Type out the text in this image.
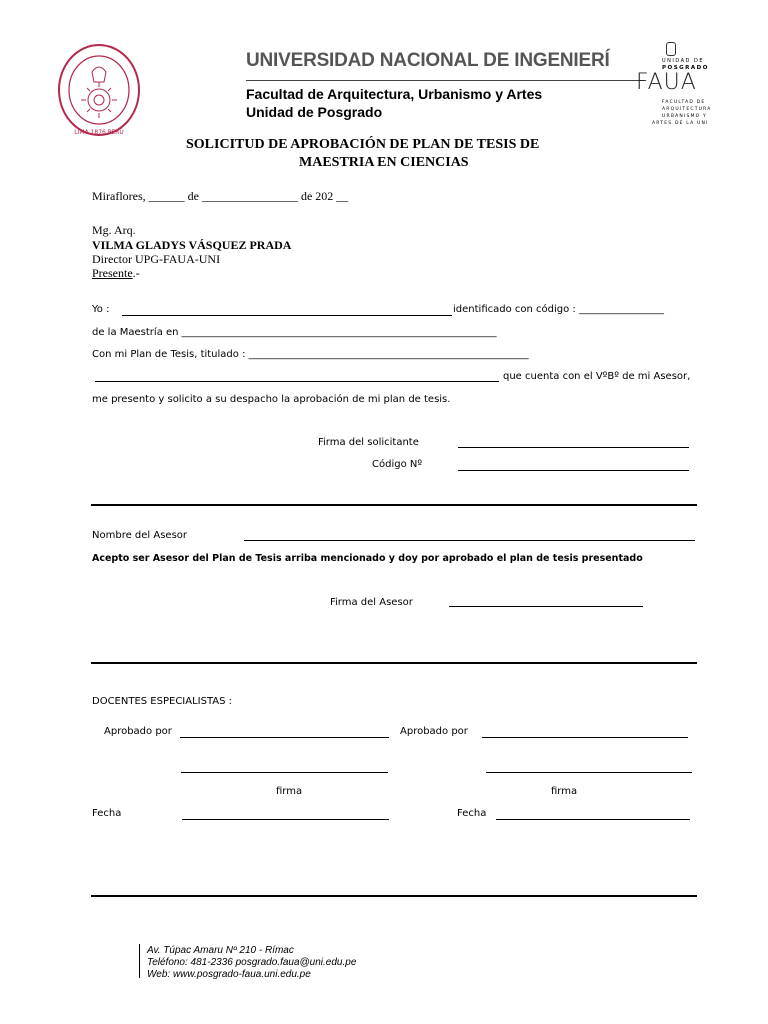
LIMA 1876 PERÚ
UNIVERSIDAD NACIONAL DE INGENIERÍ
Facultad de Arquitectura, Urbanismo y Artes
Unidad de Posgrado
UNIDAD DE
POSGRADO
FAUA
FACULTAD DE
ARQUITECTURA
URBANISMO Y
ARTES DE LA UNI
SOLICITUD DE APROBACIÓN DE PLAN DE TESIS DE
MAESTRIA EN CIENCIAS
Miraflores, ______ de ________________ de 202 __
Mg. Arq.
VILMA GLADYS VÁSQUEZ PRADA
Director UPG-FAUA-UNI
Presente.-
Yo :	identificado con código : _________________
de la Maestría en _______________________________________________________________
Con mi Plan de Tesis, titulado : ________________________________________________________
que cuenta con el VºBº de mi Asesor,
me presento y solicito a su despacho la aprobación de mi plan de tesis.
Firma del solicitante
Código Nº
Nombre del Asesor
Acepto ser Asesor del Plan de Tesis arriba mencionado y doy por aprobado el plan de tesis presentado
Firma del Asesor
DOCENTES ESPECIALISTAS :
Aprobado por	Aprobado por
firma	firma
Fecha	Fecha
Av. Túpac Amaru Nº 210 - Rímac
Teléfono: 481-2336 posgrado.faua@uni.edu.pe
Web: www.posgrado-faua.uni.edu.pe
